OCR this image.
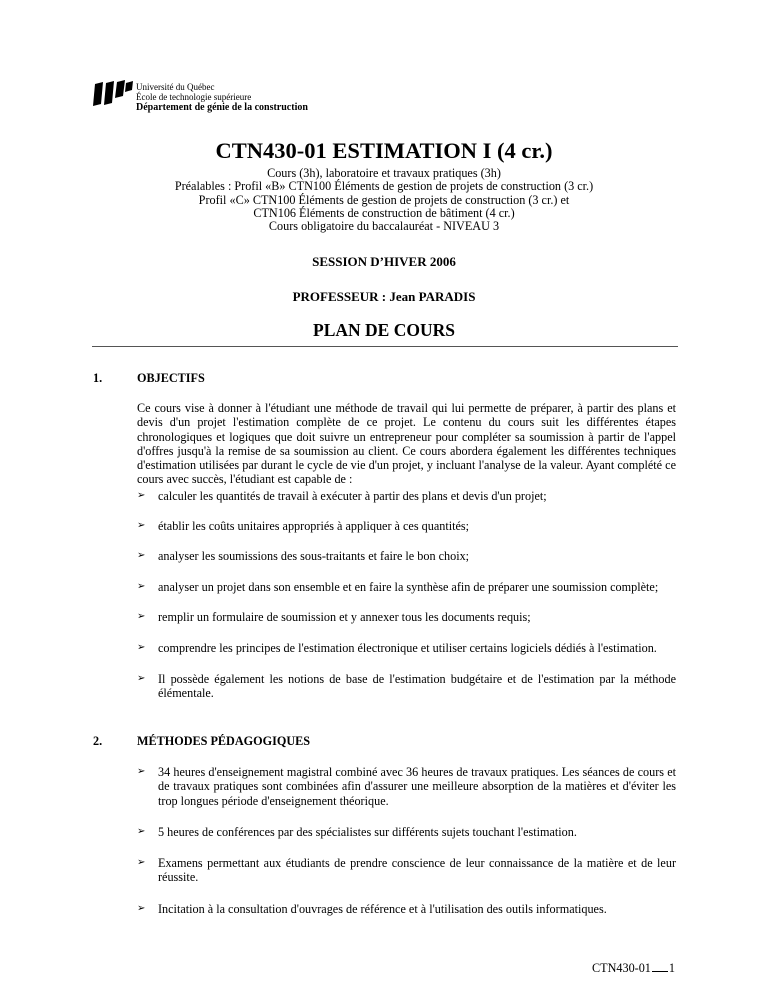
Université du Québec
École de technologie supérieure
Département de génie de la construction
CTN430-01 ESTIMATION I (4 cr.)
Cours (3h), laboratoire et travaux pratiques (3h)
Préalables : Profil «B» CTN100 Éléments de gestion de projets de construction (3 cr.)
Profil «C» CTN100 Éléments de gestion de projets de construction (3 cr.) et
CTN106 Éléments de construction de bâtiment (4 cr.)
Cours obligatoire du baccalauréat - NIVEAU 3
SESSION D’HIVER 2006
PROFESSEUR : Jean PARADIS
PLAN DE COURS
1.	OBJECTIFS
Ce cours vise à donner à l'étudiant une méthode de travail qui lui permette de préparer, à partir des plans et devis d'un projet l'estimation complète de ce projet. Le contenu du cours suit les différentes étapes chronologiques et logiques que doit suivre un entrepreneur pour compléter sa soumission à partir de l'appel d'offres jusqu'à la remise de sa soumission au client. Ce cours abordera également les différentes techniques d'estimation utilisées par durant le cycle de vie d'un projet, y incluant l'analyse de la valeur. Ayant complété ce cours avec succès, l'étudiant est capable de :
➢ calculer les quantités de travail à exécuter à partir des plans et devis d'un projet;
➢ établir les coûts unitaires appropriés à appliquer à ces quantités;
➢ analyser les soumissions des sous-traitants et faire le bon choix;
➢ analyser un projet dans son ensemble et en faire la synthèse afin de préparer une soumission complète;
➢ remplir un formulaire de soumission et y annexer tous les documents requis;
➢ comprendre les principes de l'estimation électronique et utiliser certains logiciels dédiés à l'estimation.
➢ Il possède également les notions de base de l'estimation budgétaire et de l'estimation par la méthode élémentale.
2.	MÉTHODES PÉDAGOGIQUES
➢ 34 heures d'enseignement magistral combiné avec 36 heures de travaux pratiques. Les séances de cours et de travaux pratiques sont combinées afin d'assurer une meilleure absorption de la matières et d'éviter les trop longues période d'enseignement théorique.
➢ 5 heures de conférences par des spécialistes sur différents sujets touchant l'estimation.
➢ Examens permettant aux étudiants de prendre conscience de leur connaissance de la matière et de leur réussite.
➢ Incitation à la consultation d'ouvrages de référence et à l'utilisation des outils informatiques.
CTN430-01 1
